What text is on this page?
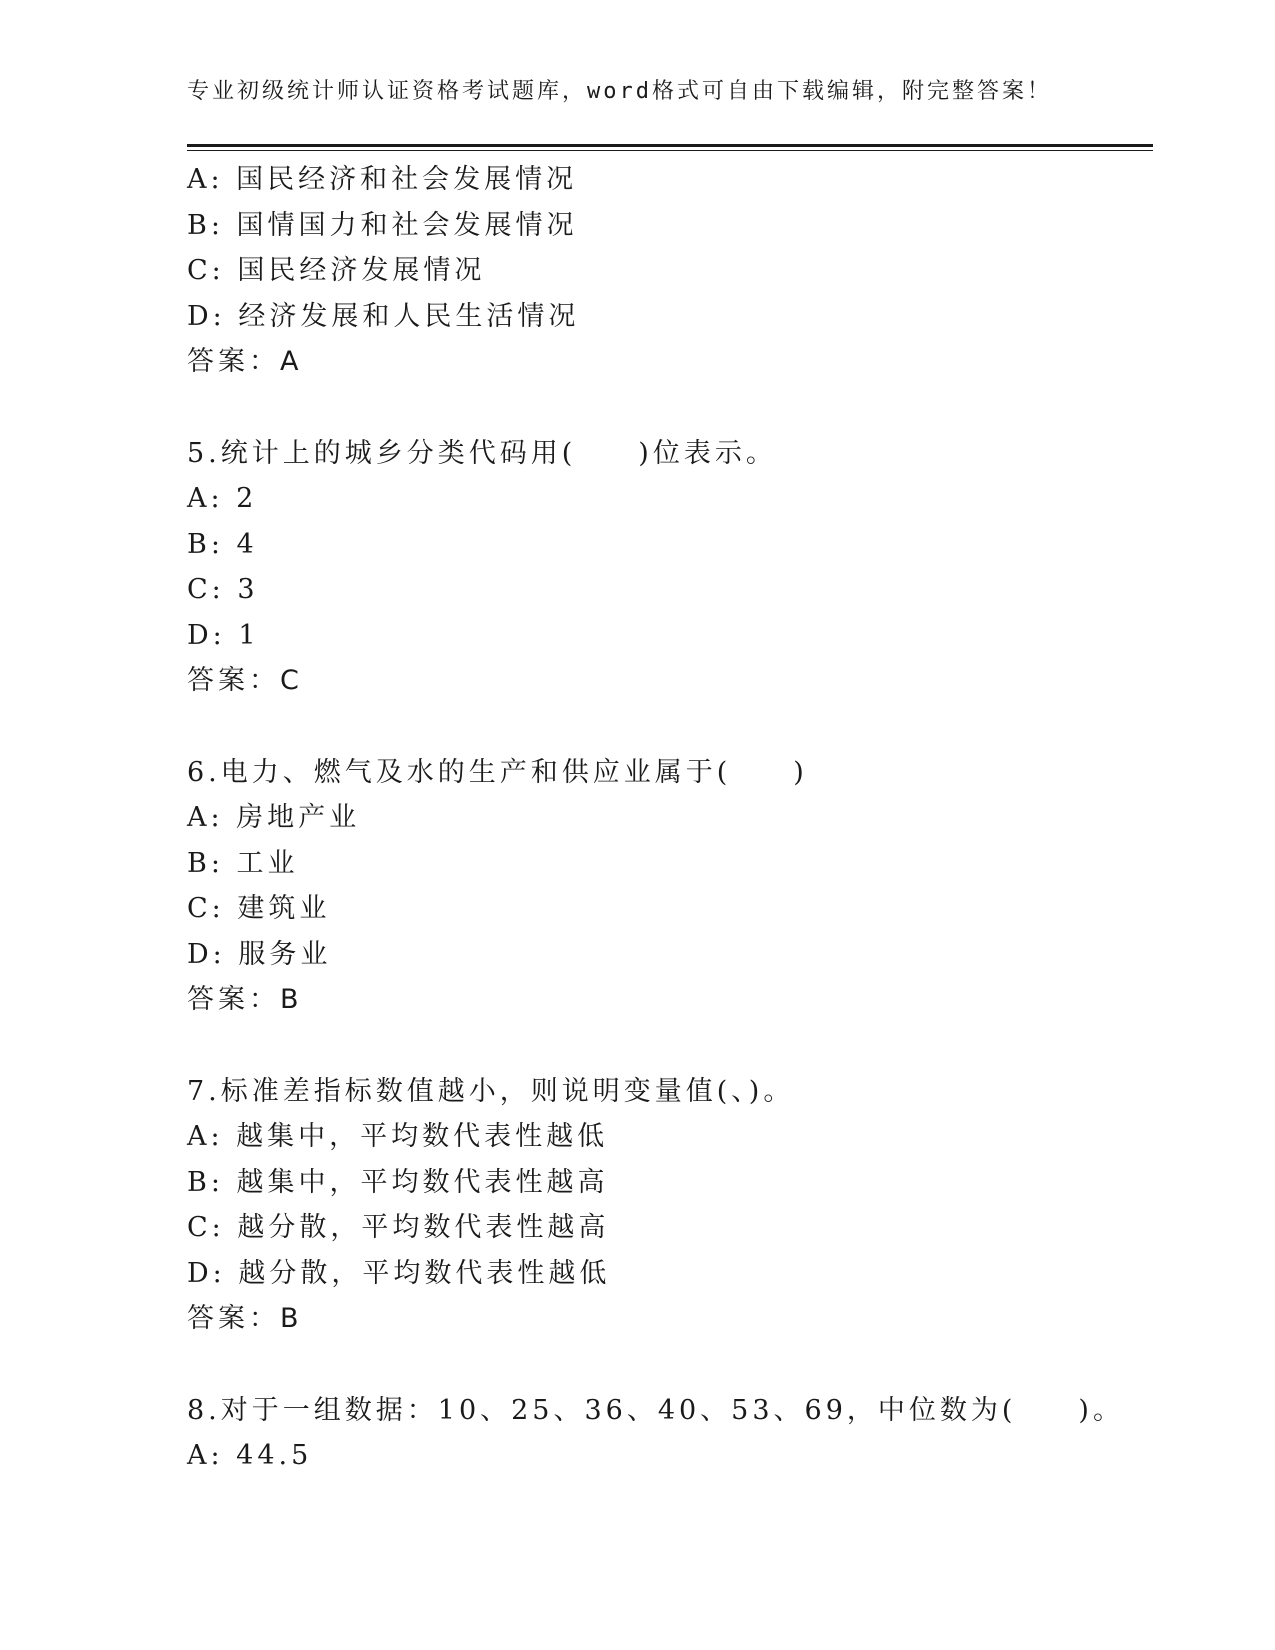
专业初级统计师认证资格考试题库，word格式可自由下载编辑，附完整答案！
A: 国民经济和社会发展情况
B: 国情国力和社会发展情况
C: 国民经济发展情况
D: 经济发展和人民生活情况
答案：A
5.统计上的城乡分类代码用(　　)位表示。
A: 2
B: 4
C: 3
D: 1
答案：C
6.电力、燃气及水的生产和供应业属于(　　)
A: 房地产业
B: 工业
C: 建筑业
D: 服务业
答案：B
7.标准差指标数值越小，则说明变量值(、)。
A: 越集中，平均数代表性越低
B: 越集中，平均数代表性越高
C: 越分散，平均数代表性越高
D: 越分散，平均数代表性越低
答案：B
8.对于一组数据：10、25、36、40、53、69，中位数为(　　)。
A: 44.5
